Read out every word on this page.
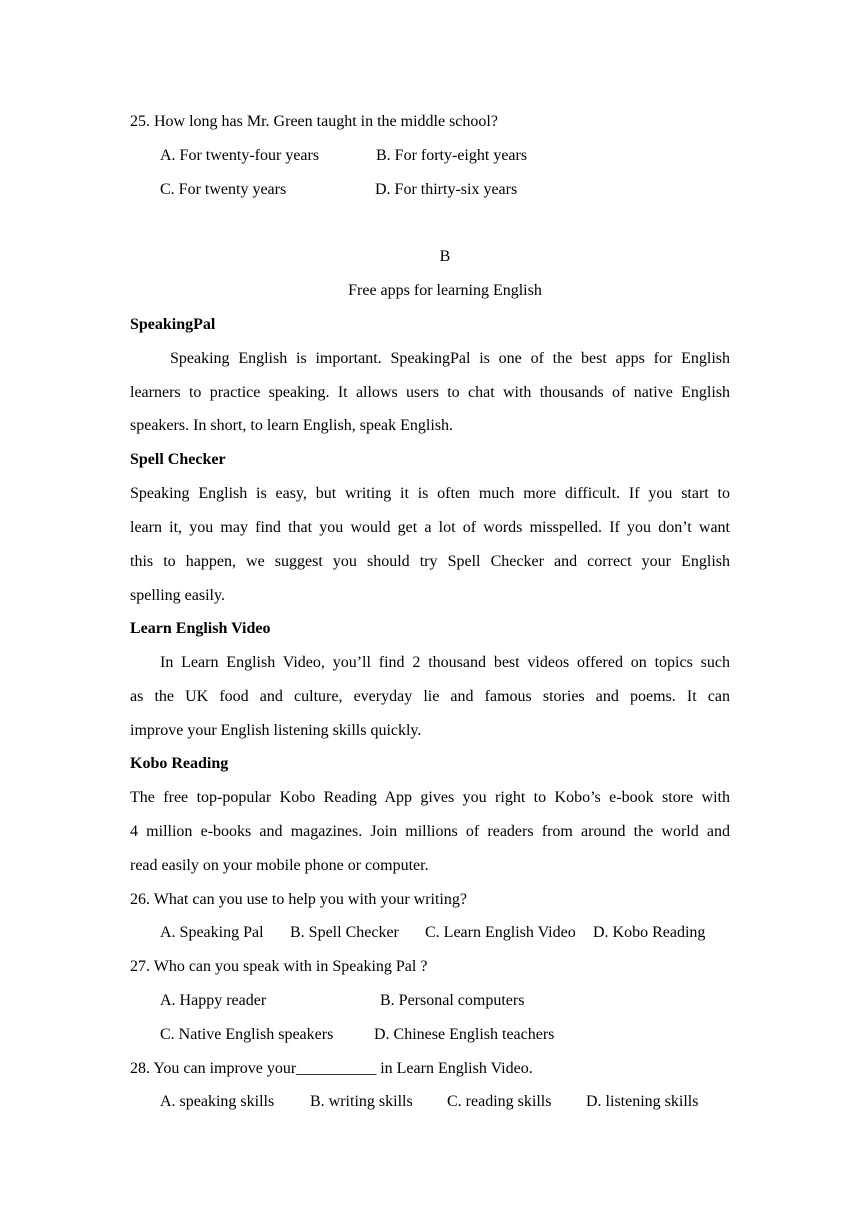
25. How long has Mr. Green taught in the middle school?
A. For twenty-four years	B. For forty-eight years
C. For twenty years	D. For thirty-six years
B
Free apps for learning English
SpeakingPal
Speaking English is important. SpeakingPal is one of the best apps for English
learners to practice speaking. It allows users to chat with thousands of native English
speakers. In short, to learn English, speak English.
Spell Checker
Speaking English is easy, but writing it is often much more difficult. If you start to
learn it, you may find that you would get a lot of words misspelled. If you don’t want
this to happen, we suggest you should try Spell Checker and correct your English
spelling easily.
Learn English Video
In Learn English Video, you’ll find 2 thousand best videos offered on topics such
as the UK food and culture, everyday lie and famous stories and poems. It can
improve your English listening skills quickly.
Kobo Reading
The free top-popular Kobo Reading App gives you right to Kobo’s e-book store with
4 million e-books and magazines. Join millions of readers from around the world and
read easily on your mobile phone or computer.
26. What can you use to help you with your writing?
A. Speaking Pal B. Spell Checker C. Learn English Video D. Kobo Reading
27. Who can you speak with in Speaking Pal ?
A. Happy reader	B. Personal computers
C. Native English speakers	D. Chinese English teachers
28. You can improve your__________ in Learn English Video.
A. speaking skills B. writing skills C. reading skills D. listening skills
